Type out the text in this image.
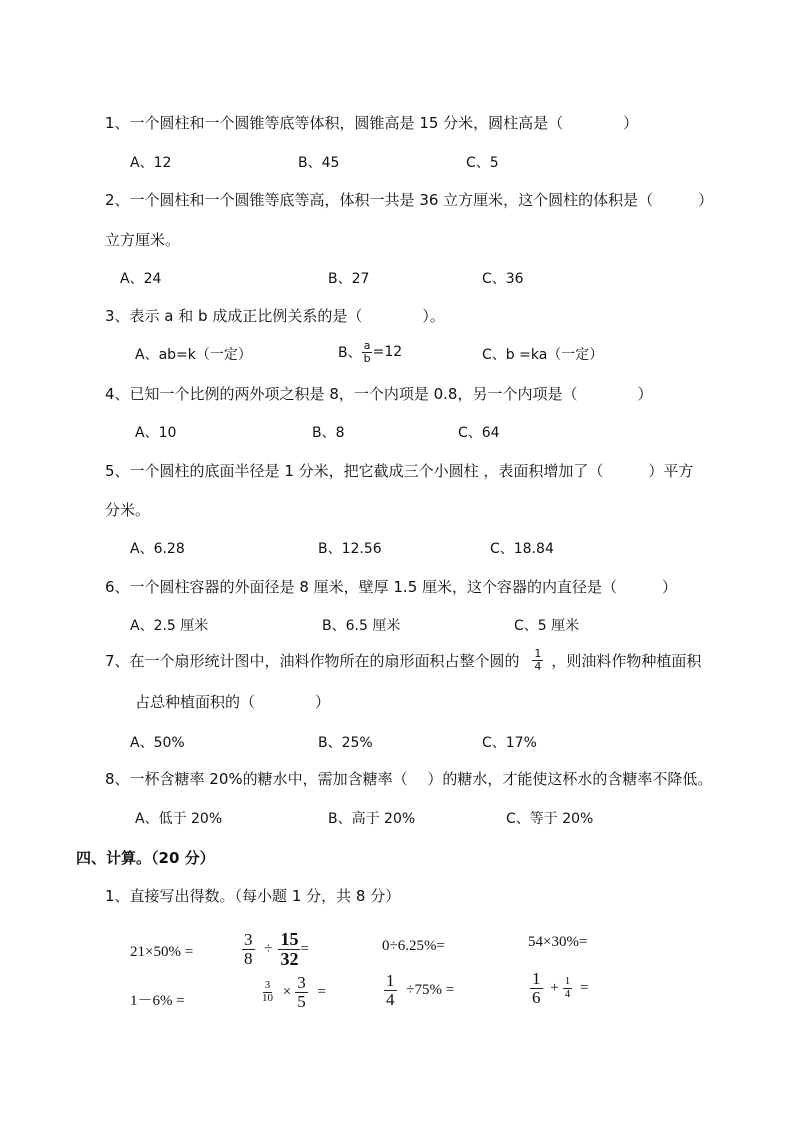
1、一个圆柱和一个圆锥等底等体积，圆锥高是 15 分米，圆柱高是（　　　　）
A、12	B、45	C、5
2、一个圆柱和一个圆锥等底等高，体积一共是 36 立方厘米，这个圆柱的体积是（　　　）
立方厘米。
A、24	B、27	C、36
3、表示 a 和 b 成成正比例关系的是（　　　　）。
A、ab=k（一定）	B、 $\frac{a}{b} =12$	C、b =ka（一定）
4、已知一个比例的两外项之积是 8，一个内项是 0.8，另一个内项是（　　　　）
A、10	B、8	C、64
5、一个圆柱的底面半径是 1 分米，把它截成三个小圆柱 ，表面积增加了（　　　）平方
分米。
A、6.28	B、12.56	C、18.84
6、一个圆柱容器的外面径是 8 厘米，壁厚 1.5 厘米，这个容器的内直径是（　　　）
A、2.5 厘米	B、6.5 厘米	C、5 厘米
7、在一个扇形统计图中，油料作物所在的扇形面积占整个圆的 $\frac{1}{4}$ ，则油料作物种植面积
占总种植面积的（　　　　）
A、50%	B、25%	C、17%
8、一杯含糖率 20%的糖水中，需加含糖率（　 ）的糖水，才能使这杯水的含糖率不降低。
A、低于 20%	B、高于 20%	C、等于 20%
四、计算。（20 分）
1、直接写出得数。（每小题 1 分，共 8 分）
21×50% =	$\frac{3}{8} \div \frac{15}{32}$ =	0÷6.25%=	54×30%=
1－6% =	$\frac{3}{10} \times \frac{3}{5}$ =	$\frac{1}{4} \div 75\%$ =	$\frac{1}{6} + \frac{1}{4}$ =
